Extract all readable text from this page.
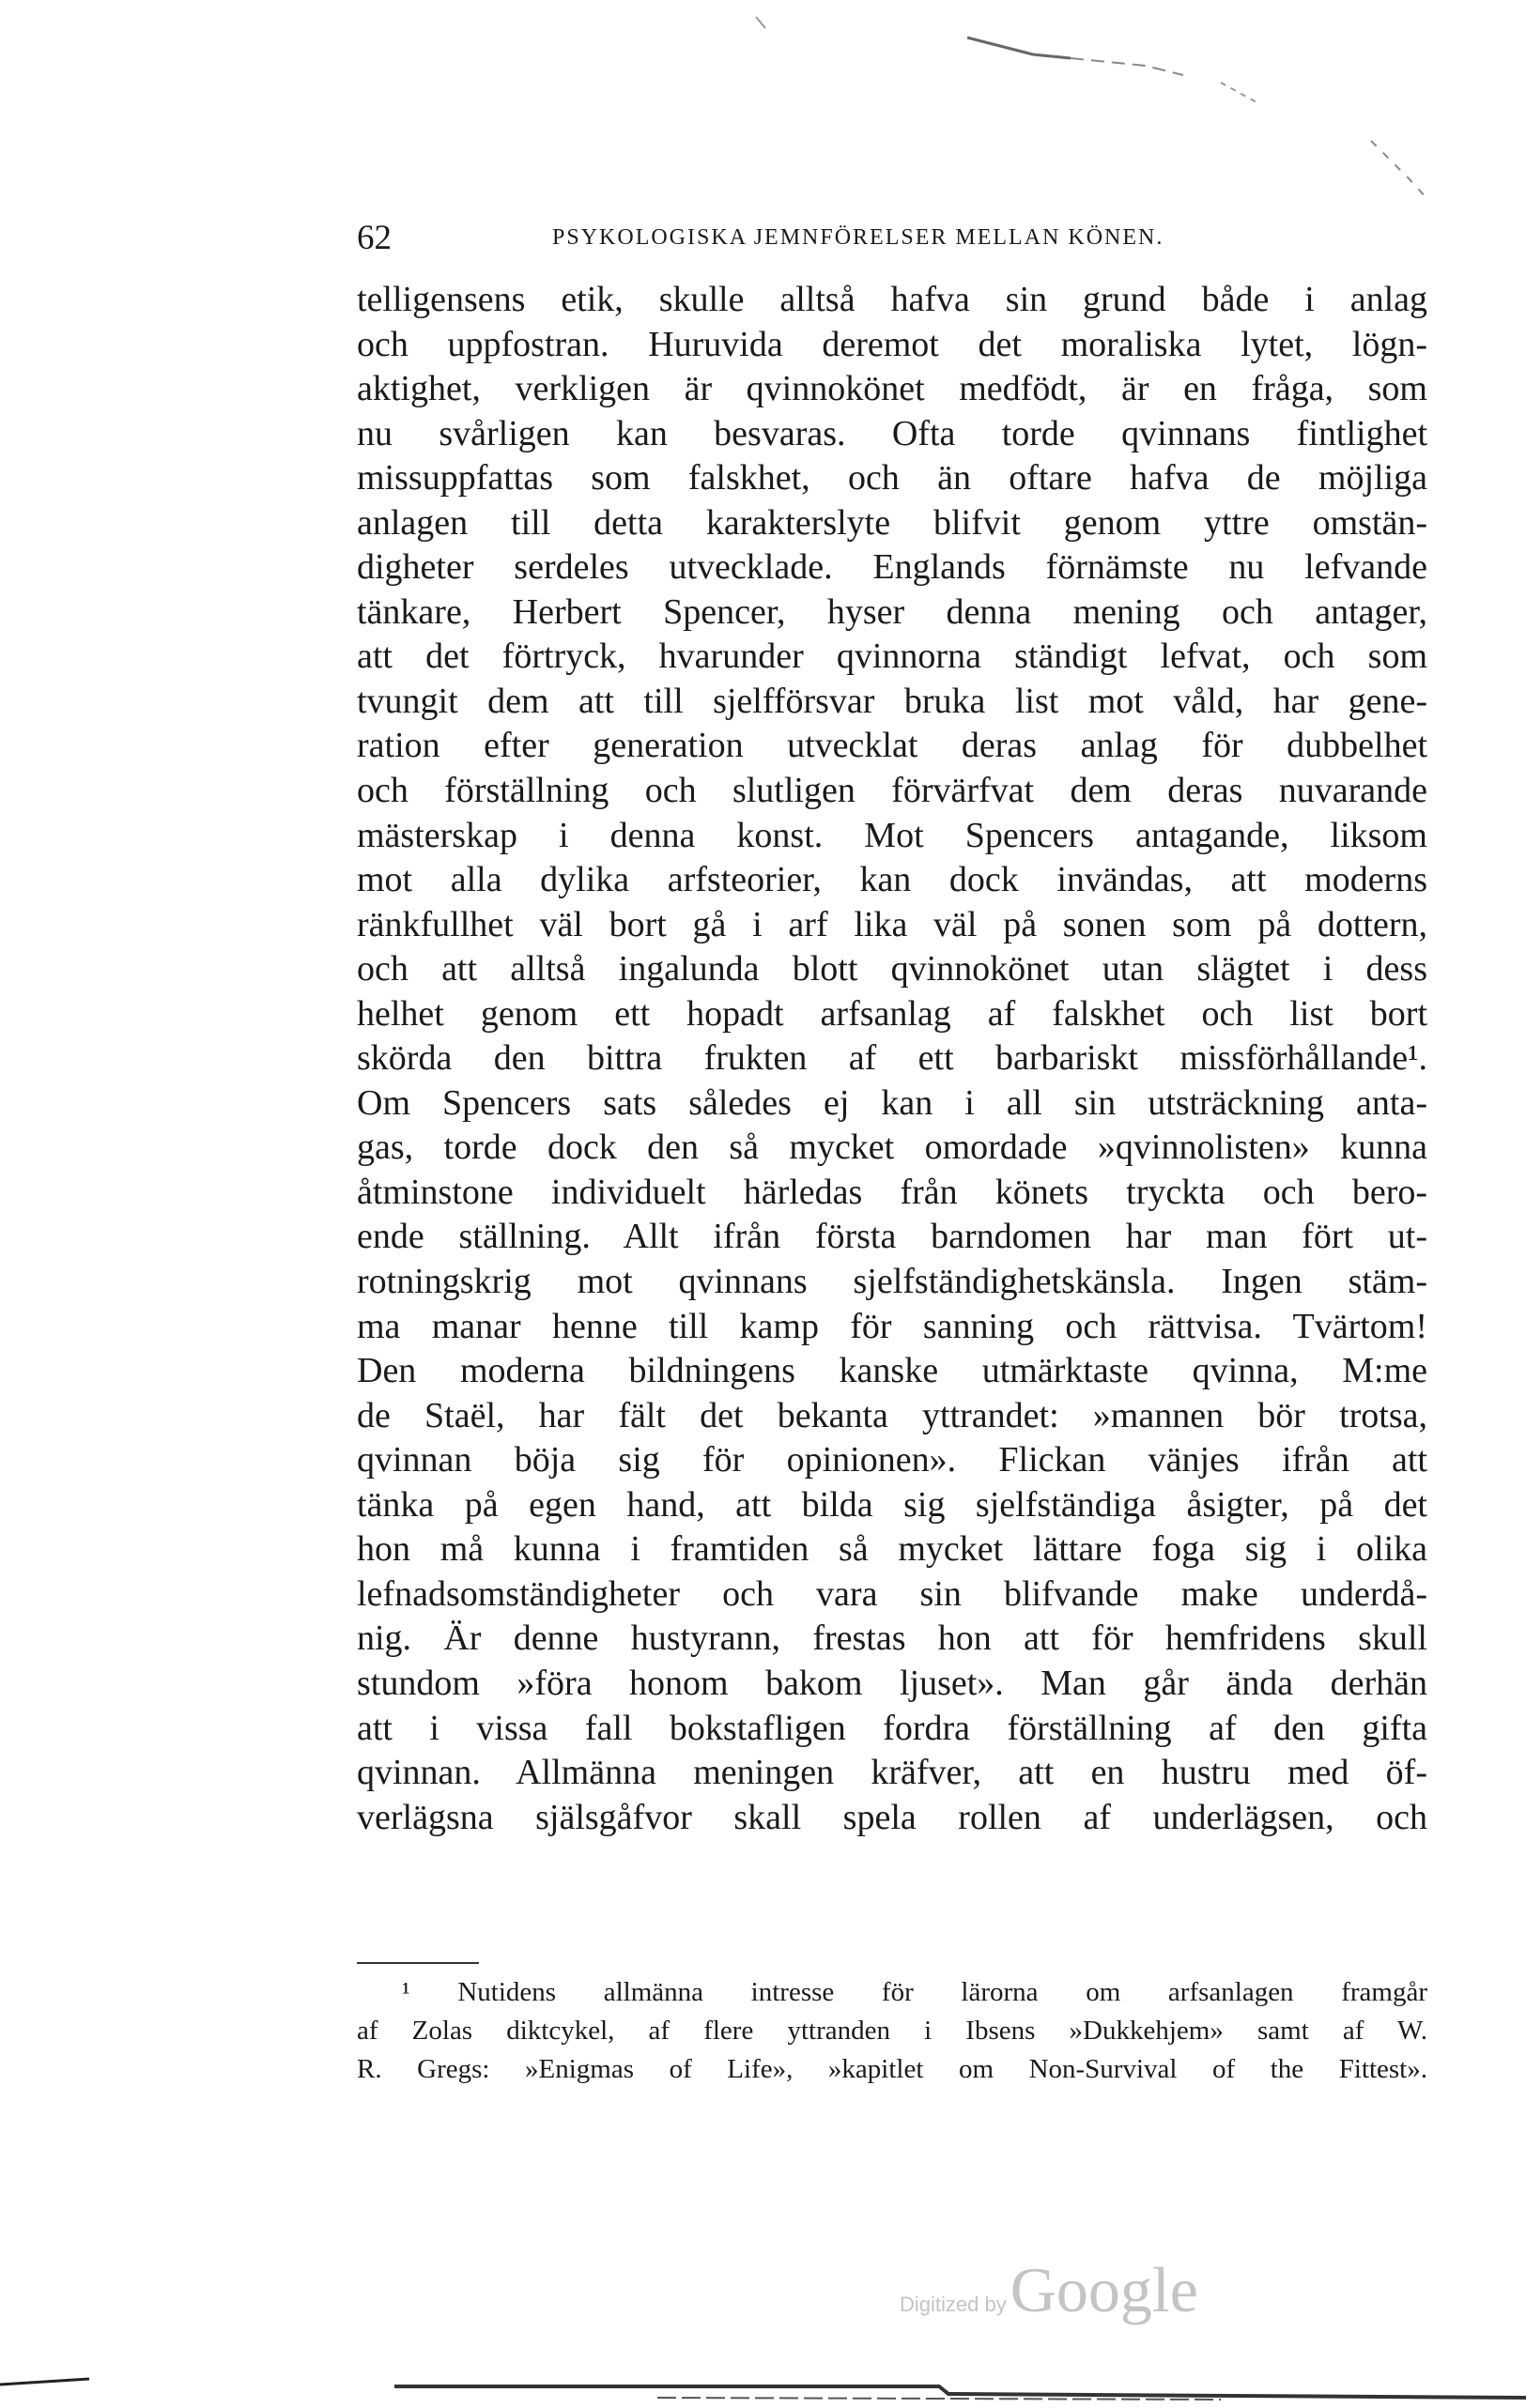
62	PSYKOLOGISKA JEMNFÖRELSER MELLAN KÖNEN.
telligensens etik, skulle alltså hafva sin grund både i anlag
och uppfostran. Huruvida deremot det moraliska lytet, lögn-
aktighet, verkligen är qvinnokönet medfödt, är en fråga, som
nu svårligen kan besvaras. Ofta torde qvinnans fintlighet
missuppfattas som falskhet, och än oftare hafva de möjliga
anlagen till detta karakterslyte blifvit genom yttre omstän-
digheter serdeles utvecklade. Englands förnämste nu lefvande
tänkare, Herbert Spencer, hyser denna mening och antager,
att det förtryck, hvarunder qvinnorna ständigt lefvat, och som
tvungit dem att till sjelfförsvar bruka list mot våld, har gene-
ration efter generation utvecklat deras anlag för dubbelhet
och förställning och slutligen förvärfvat dem deras nuvarande
mästerskap i denna konst. Mot Spencers antagande, liksom
mot alla dylika arfsteorier, kan dock invändas, att moderns
ränkfullhet väl bort gå i arf lika väl på sonen som på dottern,
och att alltså ingalunda blott qvinnokönet utan slägtet i dess
helhet genom ett hopadt arfsanlag af falskhet och list bort
skörda den bittra frukten af ett barbariskt missförhållande¹.
Om Spencers sats således ej kan i all sin utsträckning anta-
gas, torde dock den så mycket omordade »qvinnolisten» kunna
åtminstone individuelt härledas från könets tryckta och bero-
ende ställning. Allt ifrån första barndomen har man fört ut-
rotningskrig mot qvinnans sjelfständighetskänsla. Ingen stäm-
ma manar henne till kamp för sanning och rättvisa. Tvärtom!
Den moderna bildningens kanske utmärktaste qvinna, M:me
de Staël, har fält det bekanta yttrandet: »mannen bör trotsa,
qvinnan böja sig för opinionen». Flickan vänjes ifrån att
tänka på egen hand, att bilda sig sjelfständiga åsigter, på det
hon må kunna i framtiden så mycket lättare foga sig i olika
lefnadsomständigheter och vara sin blifvande make underdå-
nig. Är denne hustyrann, frestas hon att för hemfridens skull
stundom »föra honom bakom ljuset». Man går ända derhän
att i vissa fall bokstafligen fordra förställning af den gifta
qvinnan. Allmänna meningen kräfver, att en hustru med öf-
verlägsna själsgåfvor skall spela rollen af underlägsen, och
¹ Nutidens allmänna intresse för lärorna om arfsanlagen framgår
af Zolas diktcykel, af flere yttranden i Ibsens »Dukkehjem» samt af W.
R. Gregs: »Enigmas of Life», »kapitlet om Non-Survival of the Fittest».
Digitized by Google
